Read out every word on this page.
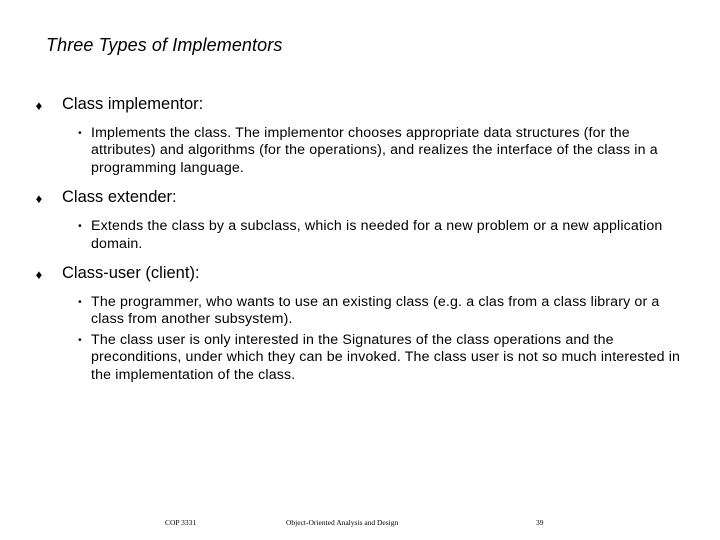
Three Types of Implementors
♦ Class implementor:
• Implements the class. The implementor chooses appropriate data structures (for the attributes) and algorithms (for the operations), and realizes the interface of the class in a programming language.
♦ Class extender:
• Extends the class by a subclass, which is needed for a new problem or a new application domain.
♦ Class-user (client):
• The programmer, who wants to use an existing class (e.g. a clas from a class library or a class from another subsystem).
• The class user is only interested in the Signatures of the class operations and the preconditions, under which they can be invoked. The class user is not so much interested in the implementation of the class.
COP 3331	Object-Oriented Analysis and Design	39
